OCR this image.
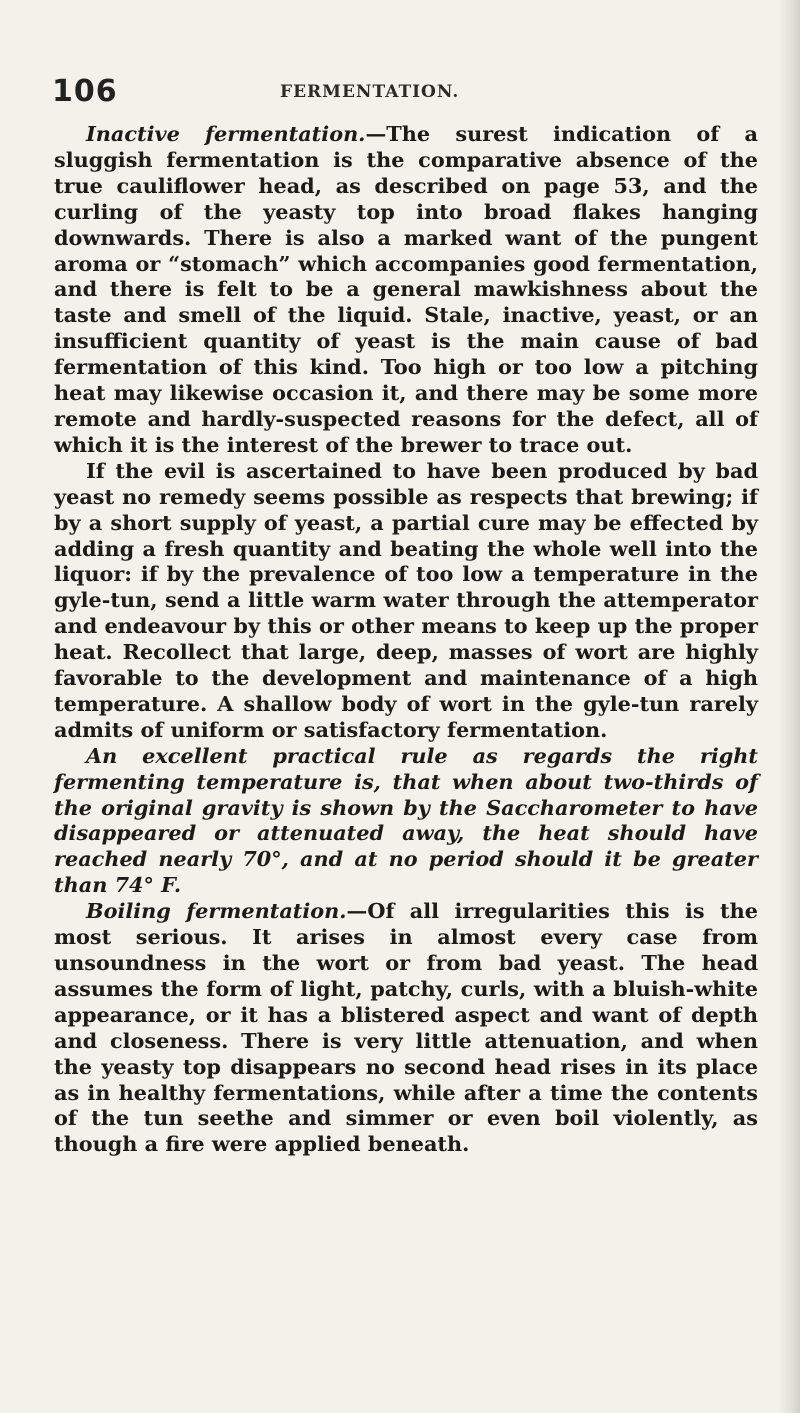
106	FERMENTATION.

Inactive fermentation.—The surest indication of a sluggish fermentation is the comparative absence of the true cauliflower head, as described on page 53, and the curling of the yeasty top into broad flakes hanging downwards. There is also a marked want of the pungent aroma or “stomach” which accompanies good fermentation, and there is felt to be a general mawkishness about the taste and smell of the liquid. Stale, inactive, yeast, or an insufficient quantity of yeast is the main cause of bad fermentation of this kind. Too high or too low a pitching heat may likewise occasion it, and there may be some more remote and hardly-suspected reasons for the defect, all of which it is the interest of the brewer to trace out.

If the evil is ascertained to have been produced by bad yeast no remedy seems possible as respects that brewing; if by a short supply of yeast, a partial cure may be effected by adding a fresh quantity and beating the whole well into the liquor: if by the prevalence of too low a temperature in the gyle-tun, send a little warm water through the attemperator and endeavour by this or other means to keep up the proper heat. Recollect that large, deep, masses of wort are highly favorable to the development and maintenance of a high temperature. A shallow body of wort in the gyle-tun rarely admits of uniform or satisfactory fermentation.

An excellent practical rule as regards the right fermenting temperature is, that when about two-thirds of the original gravity is shown by the Saccharometer to have disappeared or attenuated away, the heat should have reached nearly 70°, and at no period should it be greater than 74° F.

Boiling fermentation.—Of all irregularities this is the most serious. It arises in almost every case from unsoundness in the wort or from bad yeast. The head assumes the form of light, patchy, curls, with a bluish-white appearance, or it has a blistered aspect and want of depth and closeness. There is very little attenuation, and when the yeasty top disappears no second head rises in its place as in healthy fermentations, while after a time the contents of the tun seethe and simmer or even boil violently, as though a fire were applied beneath.
